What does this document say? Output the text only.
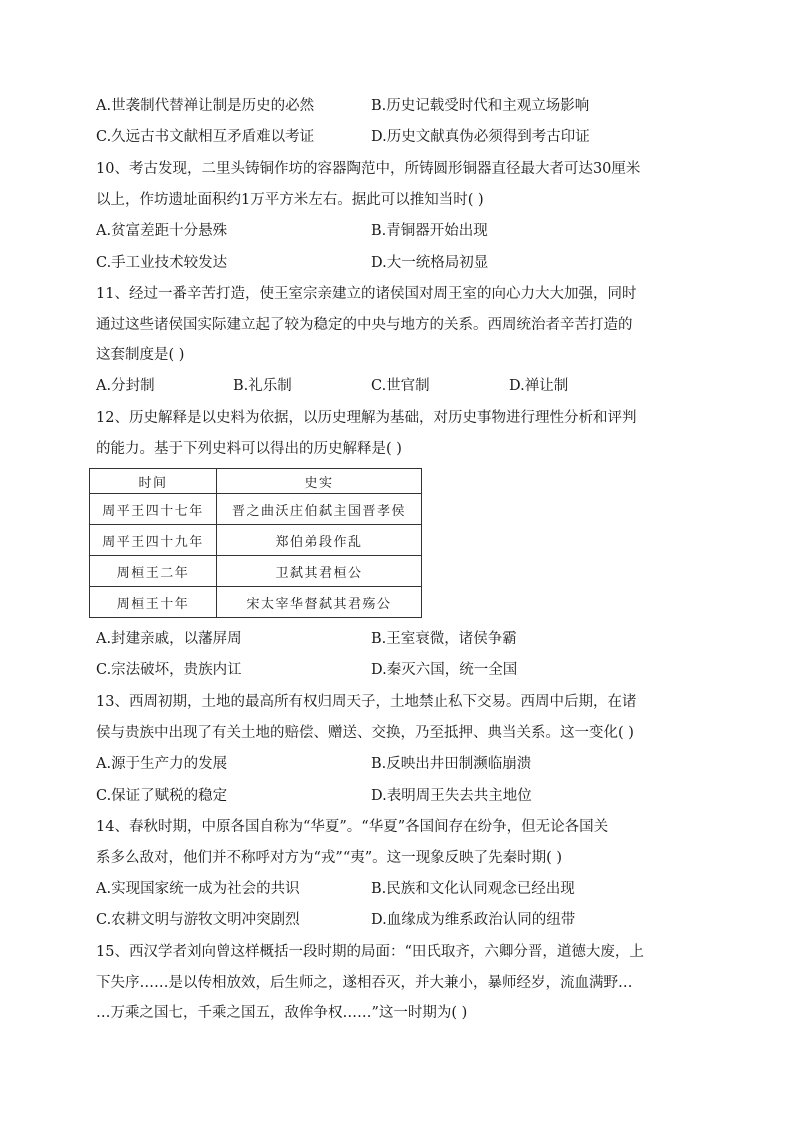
A.世袭制代替禅让制是历史的必然	B.历史记载受时代和主观立场影响
C.久远古书文献相互矛盾难以考证	D.历史文献真伪必须得到考古印证
10、考古发现，二里头铸铜作坊的容器陶范中，所铸圆形铜器直径最大者可达30厘米
以上，作坊遗址面积约1万平方米左右。据此可以推知当时( )
A.贫富差距十分悬殊	B.青铜器开始出现
C.手工业技术较发达	D.大一统格局初显
11、经过一番辛苦打造，使王室宗亲建立的诸侯国对周王室的向心力大大加强，同时
通过这些诸侯国实际建立起了较为稳定的中央与地方的关系。西周统治者辛苦打造的
这套制度是( )
A.分封制	B.礼乐制	C.世官制	D.禅让制
12、历史解释是以史料为依据，以历史理解为基础，对历史事物进行理性分析和评判
的能力。基于下列史料可以得出的历史解释是( )
时间	史实
周平王四十七年	晋之曲沃庄伯弑主国晋孝侯
周平王四十九年	郑伯弟段作乱
周桓王二年	卫弑其君桓公
周桓王十年	宋太宰华督弑其君殇公
A.封建亲戚，以藩屏周	B.王室衰微，诸侯争霸
C.宗法破坏，贵族内讧	D.秦灭六国，统一全国
13、西周初期，土地的最高所有权归周天子，土地禁止私下交易。西周中后期，在诸
侯与贵族中出现了有关土地的赔偿、赠送、交换，乃至抵押、典当关系。这一变化( )
A.源于生产力的发展	B.反映出井田制濒临崩溃
C.保证了赋税的稳定	D.表明周王失去共主地位
14、春秋时期，中原各国自称为“华夏”。“华夏”各国间存在纷争，但无论各国关
系多么敌对，他们并不称呼对方为“戎”“夷”。这一现象反映了先秦时期( )
A.实现国家统一成为社会的共识	B.民族和文化认同观念已经出现
C.农耕文明与游牧文明冲突剧烈	D.血缘成为维系政治认同的纽带
15、西汉学者刘向曾这样概括一段时期的局面：“田氏取齐，六卿分晋，道德大废，上
下失序……是以传相放效，后生师之，遂相吞灭，并大兼小，暴师经岁，流血满野…
…万乘之国七，千乘之国五，敌侔争权……”这一时期为( )
